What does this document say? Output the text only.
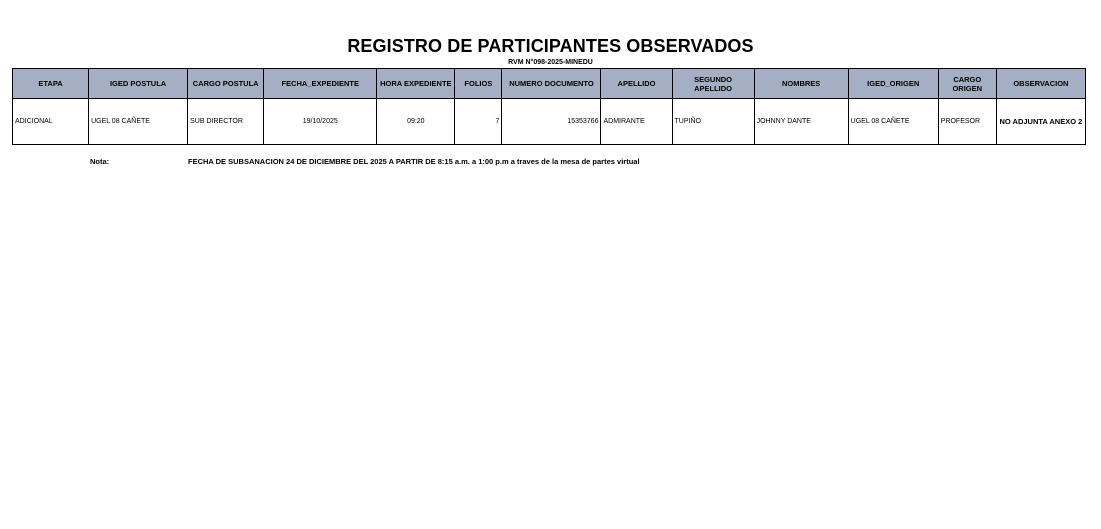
REGISTRO DE PARTICIPANTES OBSERVADOS
RVM N°098-2025-MINEDU
ETAPA	IGED POSTULA	CARGO POSTULA	FECHA_EXPEDIENTE	HORA EXPEDIENTE	FOLIOS	NUMERO DOCUMENTO	APELLIDO	SEGUNDO APELLIDO	NOMBRES	IGED_ORIGEN	CARGO ORIGEN	OBSERVACION
ADICIONAL	UGEL 08 CAÑETE	SUB DIRECTOR	19/10/2025	09:20	7	15353766	ADMIRANTE	TUPIÑO	JOHNNY DANTE	UGEL 08 CAÑETE	PROFESOR	NO ADJUNTA ANEXO 2
Nota:	FECHA DE SUBSANACION 24 DE DICIEMBRE DEL 2025 A PARTIR DE 8:15 a.m. a 1:00 p.m a traves de la mesa de partes virtual
